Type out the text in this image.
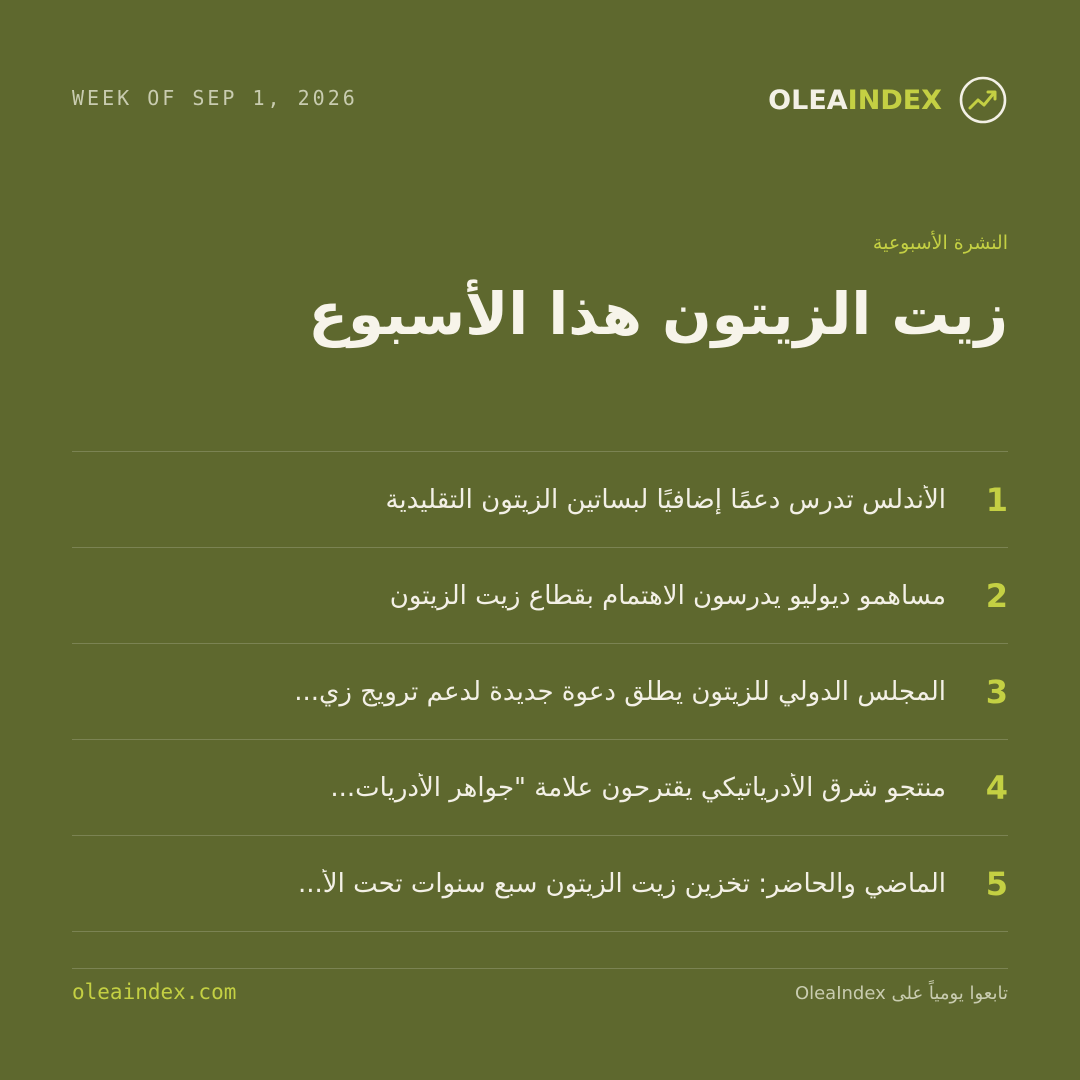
WEEK OF SEP 1, 2026	OLEAINDEX
النشرة الأسبوعية
زيت الزيتون هذا الأسبوع
الأندلس تدرس دعمًا إضافيًا لبساتين الزيتون التقليدية	1
مساهمو ديوليو يدرسون الاهتمام بقطاع زيت الزيتون	2
المجلس الدولي للزيتون يطلق دعوة جديدة لدعم ترويج زي...	3
منتجو شرق الأدرياتيكي يقترحون علامة "جواهر الأدريات...	4
الماضي والحاضر: تخزين زيت الزيتون سبع سنوات تحت الأ...	5
oleaindex.com	تابعوا يومياً على OleaIndex
